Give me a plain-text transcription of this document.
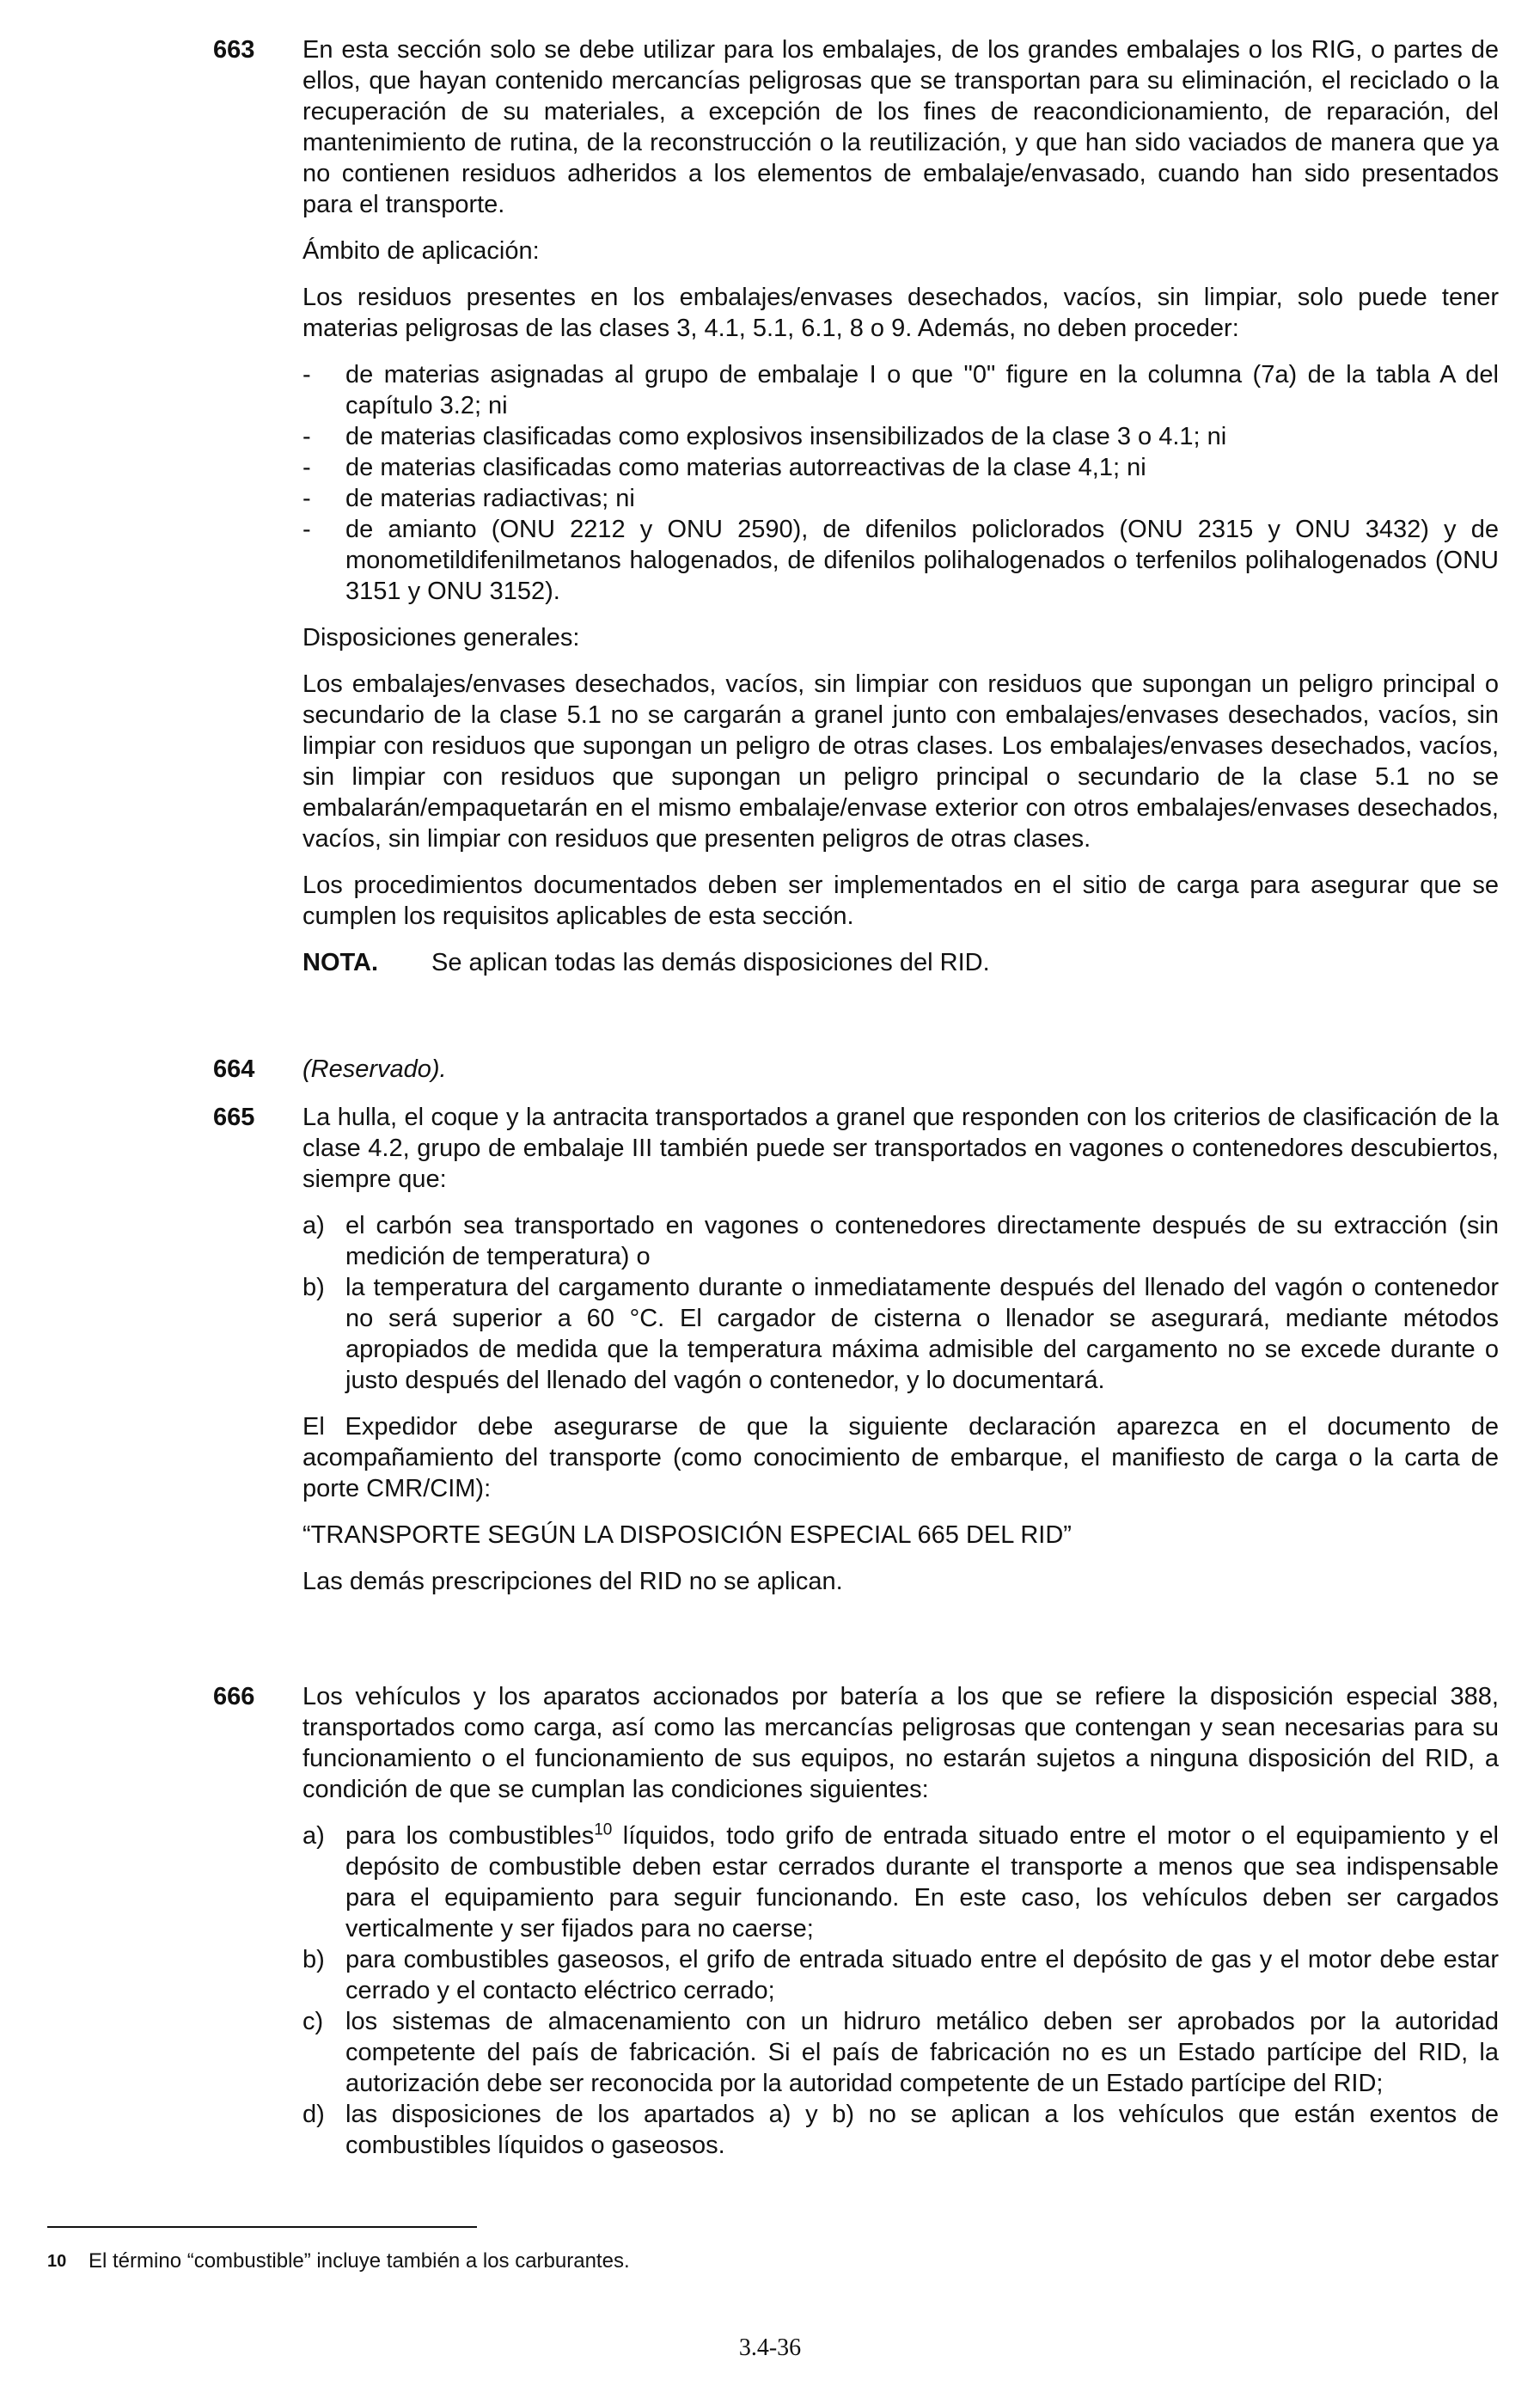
663 En esta sección solo se debe utilizar para los embalajes, de los grandes embalajes o los RIG, o partes de ellos, que hayan contenido mercancías peligrosas que se transportan para su eliminación, el reciclado o la recuperación de su materiales, a excepción de los fines de reacondicionamiento, de reparación, del mantenimiento de rutina, de la reconstrucción o la reutilización, y que han sido vaciados de manera que ya no contienen residuos adheridos a los elementos de embalaje/envasado, cuando han sido presentados para el transporte.

Ámbito de aplicación:

Los residuos presentes en los embalajes/envases desechados, vacíos, sin limpiar, solo puede tener materias peligrosas de las clases 3, 4.1, 5.1, 6.1, 8 o 9. Además, no deben proceder:

- de materias asignadas al grupo de embalaje I o que "0" figure en la columna (7a) de la tabla A del capítulo 3.2; ni
- de materias clasificadas como explosivos insensibilizados de la clase 3 o 4.1; ni
- de materias clasificadas como materias autorreactivas de la clase 4,1; ni
- de materias radiactivas; ni
- de amianto (ONU 2212 y ONU 2590), de difenilos policlorados (ONU 2315 y ONU 3432) y de monometildifenilmetanos halogenados, de difenilos polihalogenados o terfenilos polihalogenados (ONU 3151 y ONU 3152).

Disposiciones generales:

Los embalajes/envases desechados, vacíos, sin limpiar con residuos que supongan un peligro principal o secundario de la clase 5.1 no se cargarán a granel junto con embalajes/envases desechados, vacíos, sin limpiar con residuos que supongan un peligro de otras clases. Los embalajes/envases desechados, vacíos, sin limpiar con residuos que supongan un peligro principal o secundario de la clase 5.1 no se embalarán/empaquetarán en el mismo embalaje/envase exterior con otros embalajes/envases desechados, vacíos, sin limpiar con residuos que presenten peligros de otras clases.

Los procedimientos documentados deben ser implementados en el sitio de carga para asegurar que se cumplen los requisitos aplicables de esta sección.

NOTA. Se aplican todas las demás disposiciones del RID.

664 (Reservado).

665 La hulla, el coque y la antracita transportados a granel que responden con los criterios de clasificación de la clase 4.2, grupo de embalaje III también puede ser transportados en vagones o contenedores descubiertos, siempre que:

a) el carbón sea transportado en vagones o contenedores directamente después de su extracción (sin medición de temperatura) o
b) la temperatura del cargamento durante o inmediatamente después del llenado del vagón o contenedor no será superior a 60 °C. El cargador de cisterna o llenador se asegurará, mediante métodos apropiados de medida que la temperatura máxima admisible del cargamento no se excede durante o justo después del llenado del vagón o contenedor, y lo documentará.

El Expedidor debe asegurarse de que la siguiente declaración aparezca en el documento de acompañamiento del transporte (como conocimiento de embarque, el manifiesto de carga o la carta de porte CMR/CIM):

“TRANSPORTE SEGÚN LA DISPOSICIÓN ESPECIAL 665 DEL RID”

Las demás prescripciones del RID no se aplican.

666 Los vehículos y los aparatos accionados por batería a los que se refiere la disposición especial 388, transportados como carga, así como las mercancías peligrosas que contengan y sean necesarias para su funcionamiento o el funcionamiento de sus equipos, no estarán sujetos a ninguna disposición del RID, a condición de que se cumplan las condiciones siguientes:

a) para los combustibles$^{10}$ líquidos, todo grifo de entrada situado entre el motor o el equipamiento y el depósito de combustible deben estar cerrados durante el transporte a menos que sea indispensable para el equipamiento para seguir funcionando. En este caso, los vehículos deben ser cargados verticalmente y ser fijados para no caerse;
b) para combustibles gaseosos, el grifo de entrada situado entre el depósito de gas y el motor debe estar cerrado y el contacto eléctrico cerrado;
c) los sistemas de almacenamiento con un hidruro metálico deben ser aprobados por la autoridad competente del país de fabricación. Si el país de fabricación no es un Estado partícipe del RID, la autorización debe ser reconocida por la autoridad competente de un Estado partícipe del RID;
d) las disposiciones de los apartados a) y b) no se aplican a los vehículos que están exentos de combustibles líquidos o gaseosos.
10 El término “combustible” incluye también a los carburantes.
3.4-36
